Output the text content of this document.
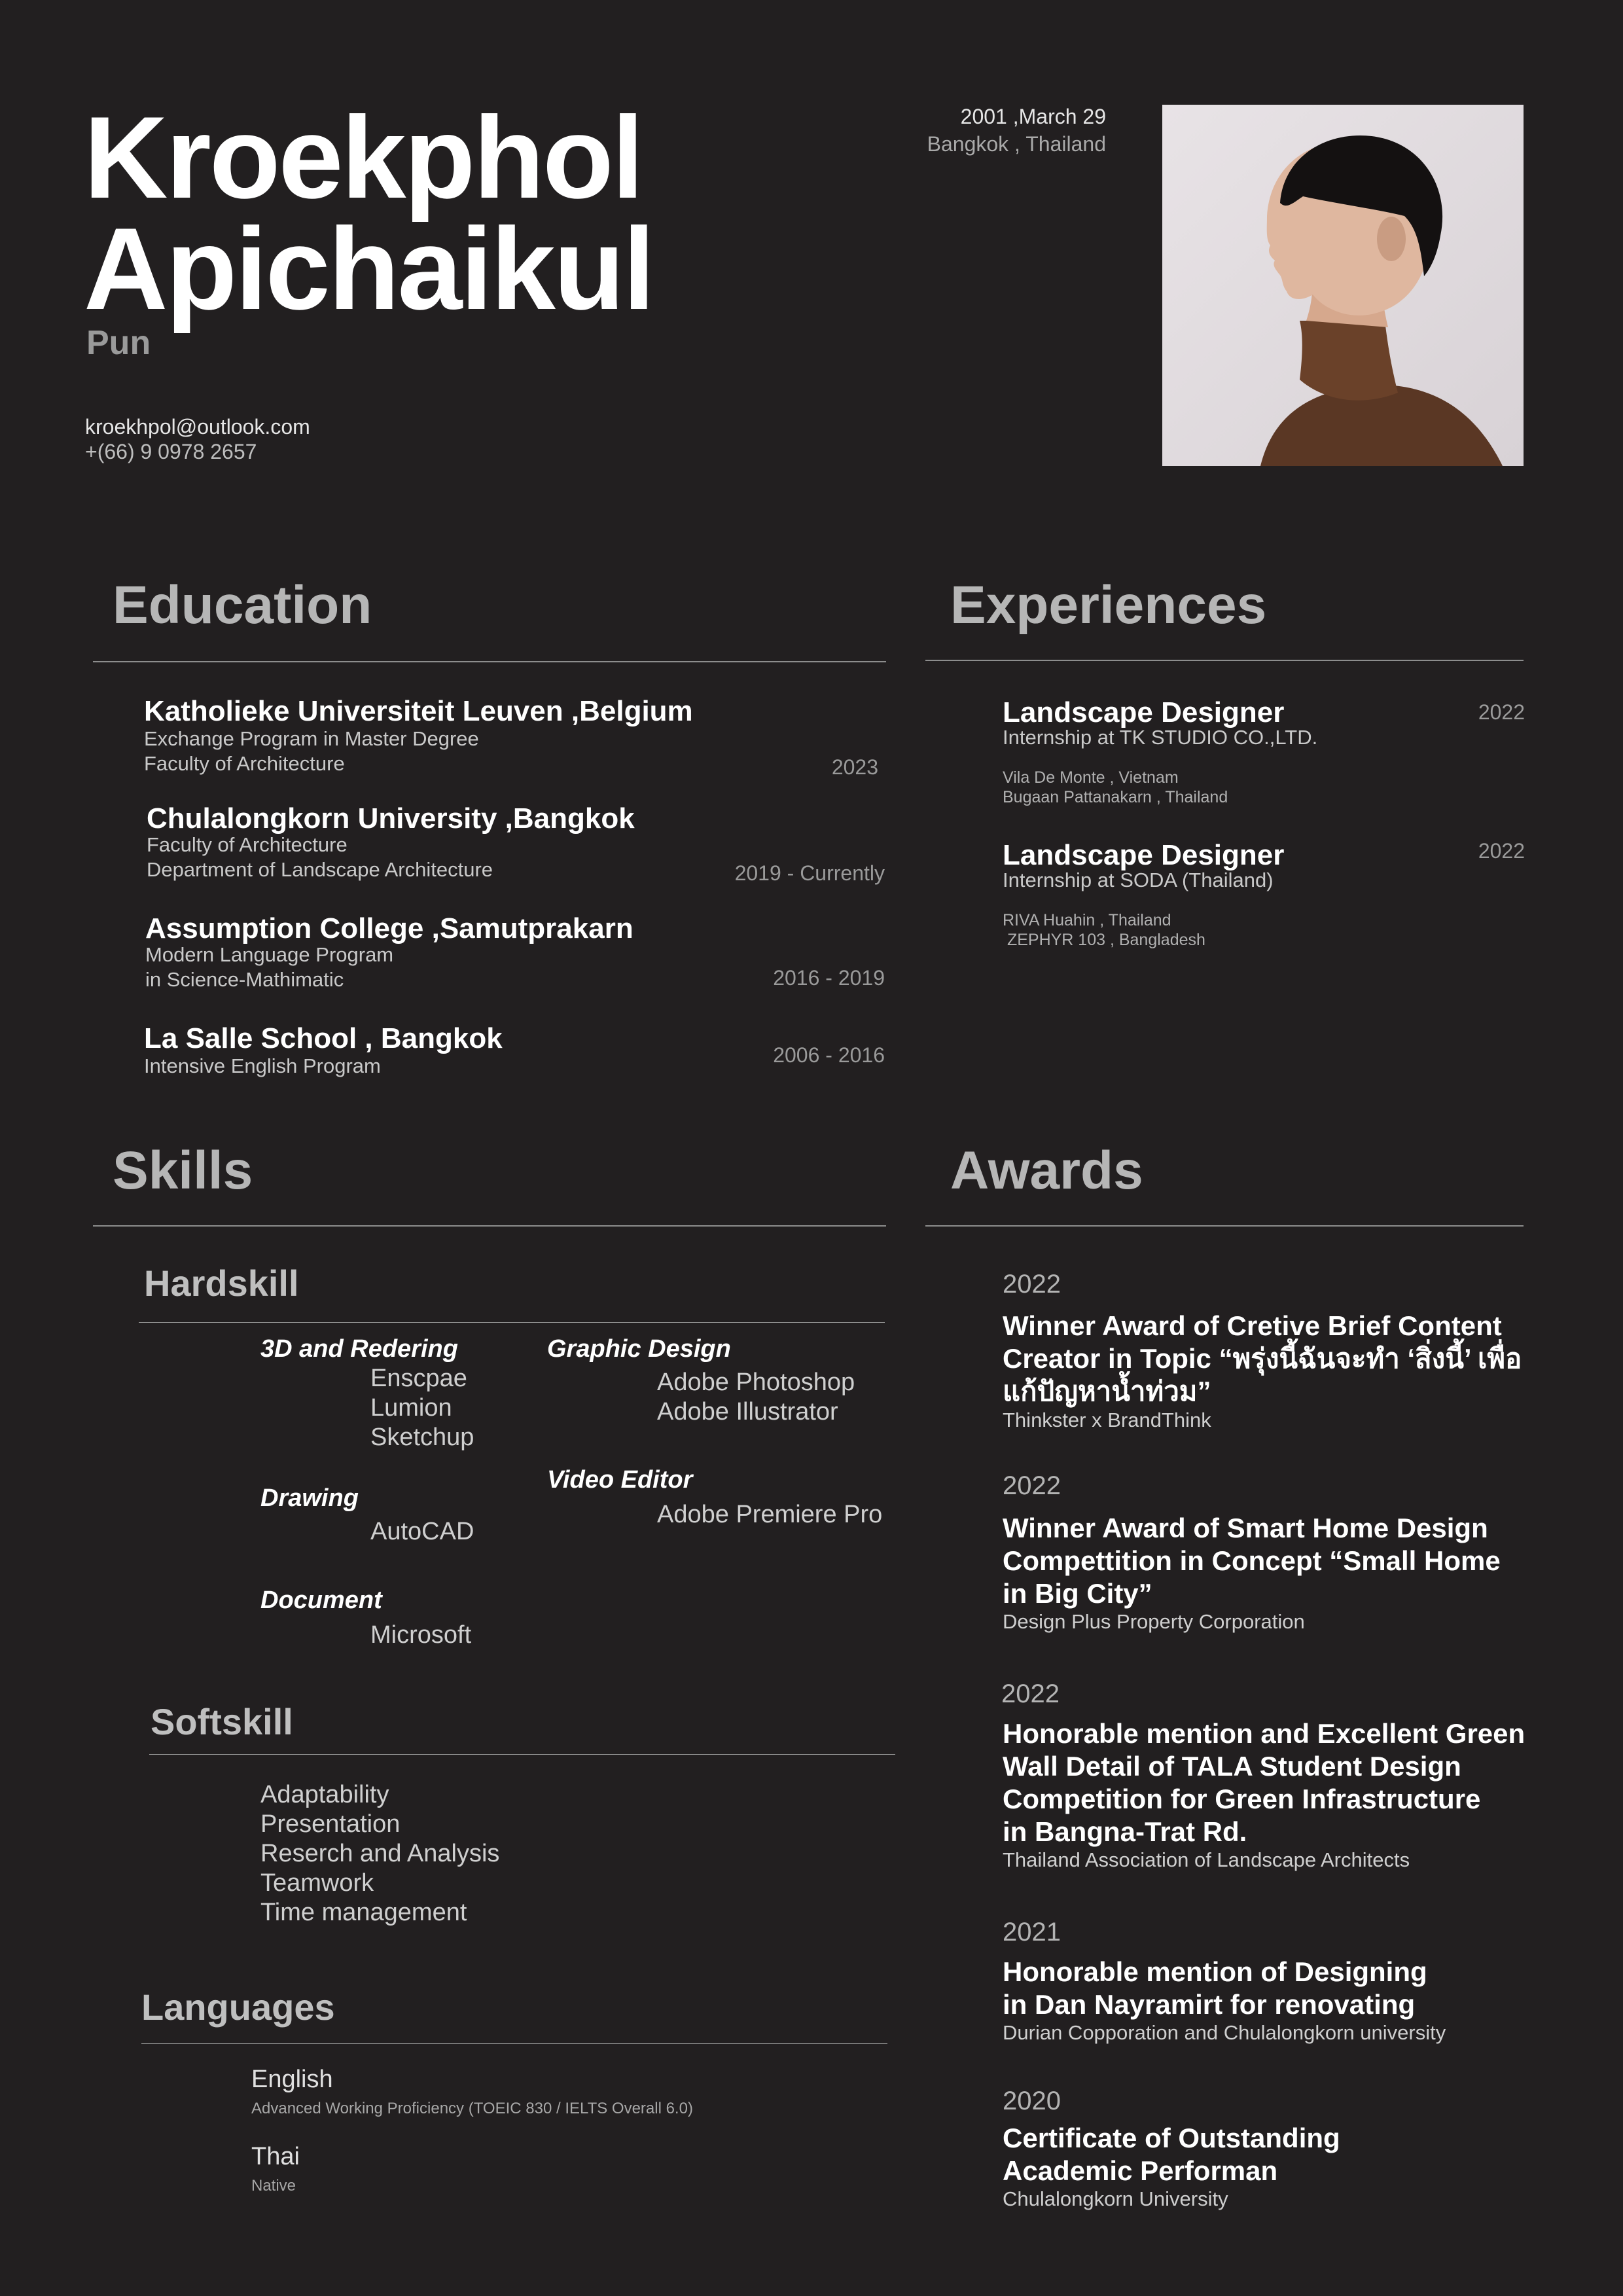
Kroekphol
Apichaikul
Pun
kroekhpol@outlook.com
+(66) 9 0978 2657
2001 ,March 29
Bangkok , Thailand
Education
Katholieke Universiteit Leuven ,Belgium
Exchange Program in Master Degree
Faculty of Architecture	2023
Chulalongkorn University ,Bangkok
Faculty of Architecture
Department of Landscape Architecture	2019 - Currently
Assumption College ,Samutprakarn
Modern Language Program
in Science-Mathimatic	2016 - 2019
La Salle School , Bangkok
Intensive English Program	2006 - 2016
Experiences
Landscape Designer	2022
Internship at TK STUDIO CO.,LTD.
Vila De Monte , Vietnam
Bugaan Pattanakarn , Thailand
Landscape Designer	2022
Internship at SODA (Thailand)
RIVA Huahin , Thailand
ZEPHYR 103 , Bangladesh
Skills
Hardskill
3D and Redering
Enscpae
Lumion
Sketchup
Graphic Design
Adobe Photoshop
Adobe Illustrator
Drawing
AutoCAD
Video Editor
Adobe Premiere Pro
Document
Microsoft
Softskill
Adaptability
Presentation
Reserch and Analysis
Teamwork
Time management
Languages
English
Advanced Working Proficiency (TOEIC 830 / IELTS Overall 6.0)
Thai
Native
Awards
2022
Winner Award of Cretive Brief Content
Creator in Topic “พรุ่งนี้ฉันจะทำ ‘สิ่งนี้’ เพื่อ
แก้ปัญหาน้ำท่วม”
Thinkster x BrandThink
2022
Winner Award of Smart Home Design
Compettition in Concept “Small Home
in Big City”
Design Plus Property Corporation
2022
Honorable mention and Excellent Green
Wall Detail of TALA Student Design
Competition for Green Infrastructure
in Bangna-Trat Rd.
Thailand Association of Landscape Architects
2021
Honorable mention of Designing
in Dan Nayramirt for renovating
Durian Copporation and Chulalongkorn university
2020
Certificate of Outstanding
Academic Performan
Chulalongkorn University
